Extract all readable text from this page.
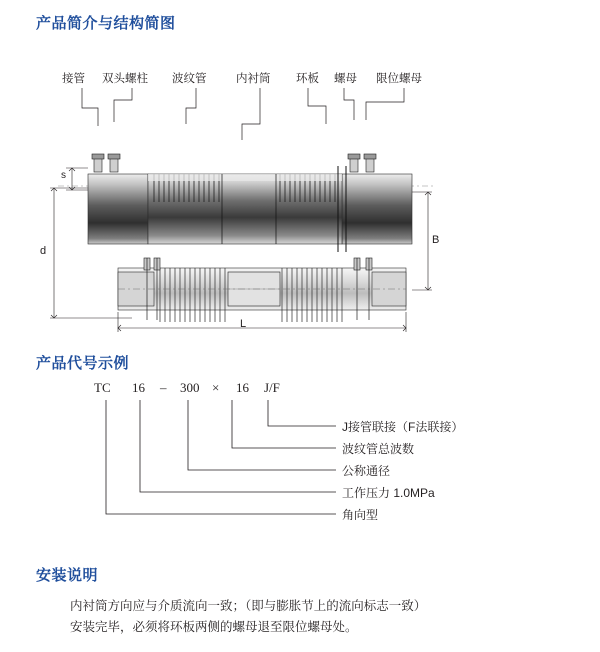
产品简介与结构简图
接管 双头螺柱 波纹管	内衬筒 环板 螺母 限位螺母
s
d
B
L
产品代号示例
TC 16 – 300 × 16 J/F
J接管联接（F法联接）
波纹管总波数
公称通径
工作压力 1.0MPa
角向型
安装说明

内衬筒方向应与介质流向一致；（即与膨胀节上的流向标志一致）

安装完毕，必须将环板两侧的螺母退至限位螺母处。
